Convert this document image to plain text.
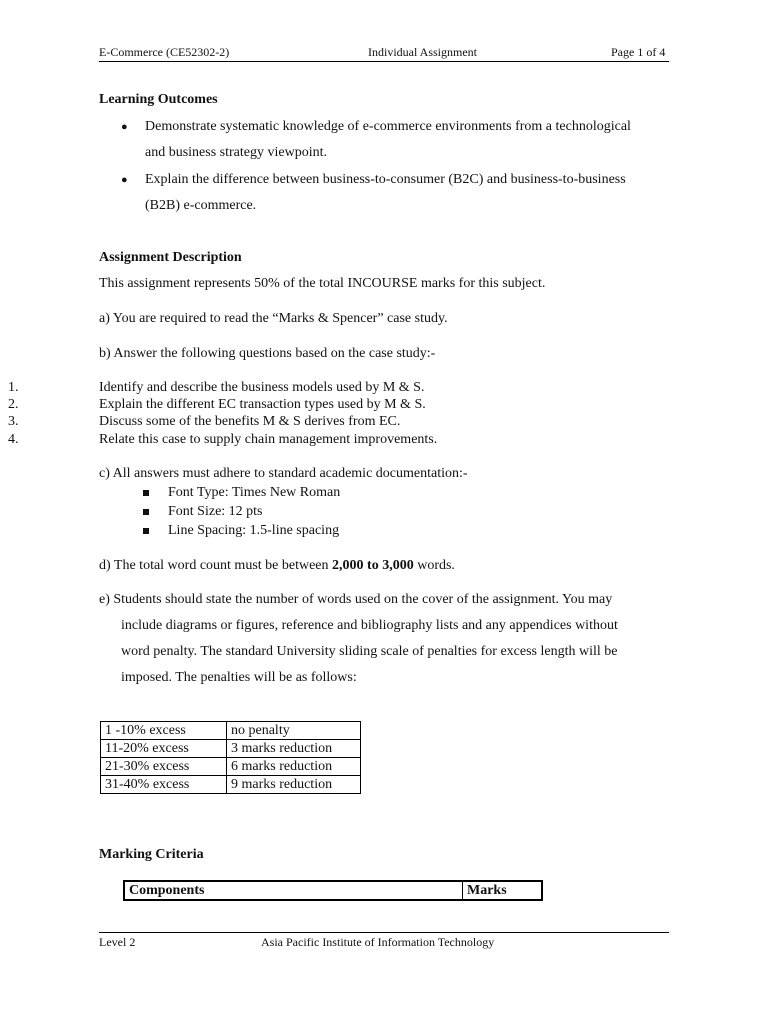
E-Commerce (CE52302-2)	Individual Assignment	Page 1 of 4
Learning Outcomes
● Demonstrate systematic knowledge of e-commerce environments from a technological
and business strategy viewpoint.
● Explain the difference between business-to-consumer (B2C) and business-to-business
(B2B) e-commerce.
Assignment Description
This assignment represents 50% of the total INCOURSE marks for this subject.
a) You are required to read the “Marks & Spencer” case study.
b) Answer the following questions based on the case study:-
1.	Identify and describe the business models used by M & S.
2.	Explain the different EC transaction types used by M & S.
3.	Discuss some of the benefits M & S derives from EC.
4.	Relate this case to supply chain management improvements.
c) All answers must adhere to standard academic documentation:-
Font Type: Times New Roman
Font Size: 12 pts
Line Spacing: 1.5-line spacing
d) The total word count must be between 2,000 to 3,000 words.
e) Students should state the number of words used on the cover of the assignment. You may
include diagrams or figures, reference and bibliography lists and any appendices without
word penalty. The standard University sliding scale of penalties for excess length will be
imposed. The penalties will be as follows:
1 -10% excess	no penalty
11-20% excess	3 marks reduction
21-30% excess	6 marks reduction
31-40% excess	9 marks reduction
Marking Criteria
Components	Marks
Level 2	Asia Pacific Institute of Information Technology
